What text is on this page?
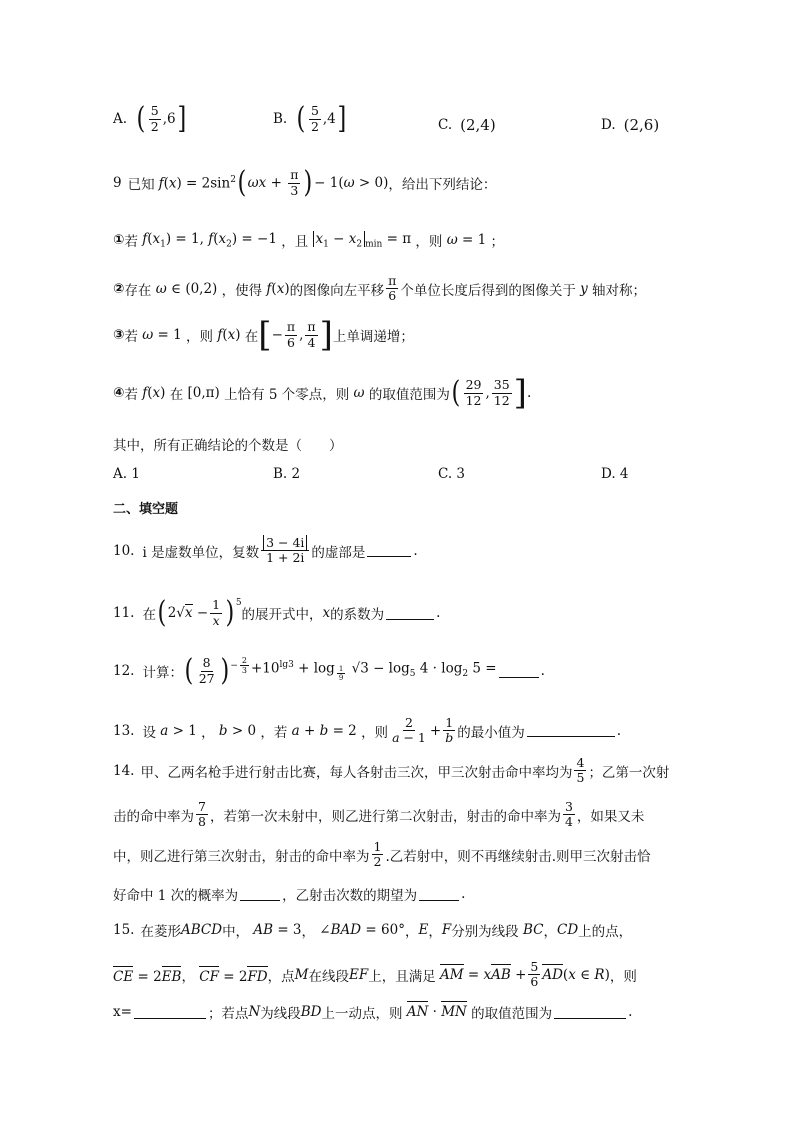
A. ( $\frac{5}{2} ,6$ ]	B. ( $\frac{5}{2} ,4$ ]	C. (2,4)	D. (2,6)
9 已知 $f(x) = 2\sin^2$ ( $\omega x + \frac{\pi}{3}$ ) − 1(ω > 0) ，给出下列结论：
① 若 $f(x_1) = 1$, $f(x_2) = -1$ ，且 $x_1 - x_2$ $_{min}$ = π ，则 ω = 1 ；
② 存在 ω ∈ (0,2) ，使得 f(x) 的图像向左平移 $\frac{\pi}{6}$ 个单位长度后得到的图像关于 y 轴对称；
③ 若 ω = 1 ，则 f(x) 在 [ − $\frac{\pi}{6}$ , $\frac{\pi}{4}$ ] 上单调递增；
④ 若 f(x) 在 [0,π) 上恰有 5 个零点，则 ω 的取值范围为 ( $\frac{29}{12}$ , $\frac{35}{12}$ ] .
其中，所有正确结论的个数是（　　）
A. 1	B. 2	C. 3	D. 4
二、填空题
10. i 是虚数单位，复数 $\frac{3 - 4i}{1 + 2i}$ 的虚部是	.
11. 在 ( $2√x - \frac{1}{x} )^5$
的展开式中， x 的系数为	.
12. 计算： ( $\frac{8}{27} )^{- \frac{2}{3}} +10^{lg3} + \log _{\frac{1}{9}}$ $√3 - \log_5 4 \cdot \log_2 5$ =	.
13. 设 a > 1 ， b > 0 ，若 a + b = 2 ，则 $\frac{2}{a - 1} + \frac{1}{b}$ 的最小值为	.
14. 甲、乙两名枪手进行射击比赛，每人各射击三次，甲三次射击命中率均为 $\frac{4}{5}$ ；乙第一次射
击的命中率为 $\frac{7}{8}$ ，若第一次未射中，则乙进行第二次射击，射击的命中率为 $\frac{3}{4}$ ，如果又未
中，则乙进行第三次射击，射击的命中率为 $\frac{1}{2}$ .乙若射中，则不再继续射击.则甲三次射击恰
好命中 1 次的概率为	，乙射击次数的期望为	.
15. 在菱形 ABCD 中， AB = 3 ， ∠BAD = 60° ， E ， F 分别为线段 BC ， CD 上的点，
CE = 2EB， CF = 2FD ，点 M 在线段 EF 上，且满足 AM = xAB + $\frac{5}{6} AD(x$ ∈ R) ，则
x=	；若点 N 为线段 BD 上一动点，则 AN · MN 的取值范围为	.
